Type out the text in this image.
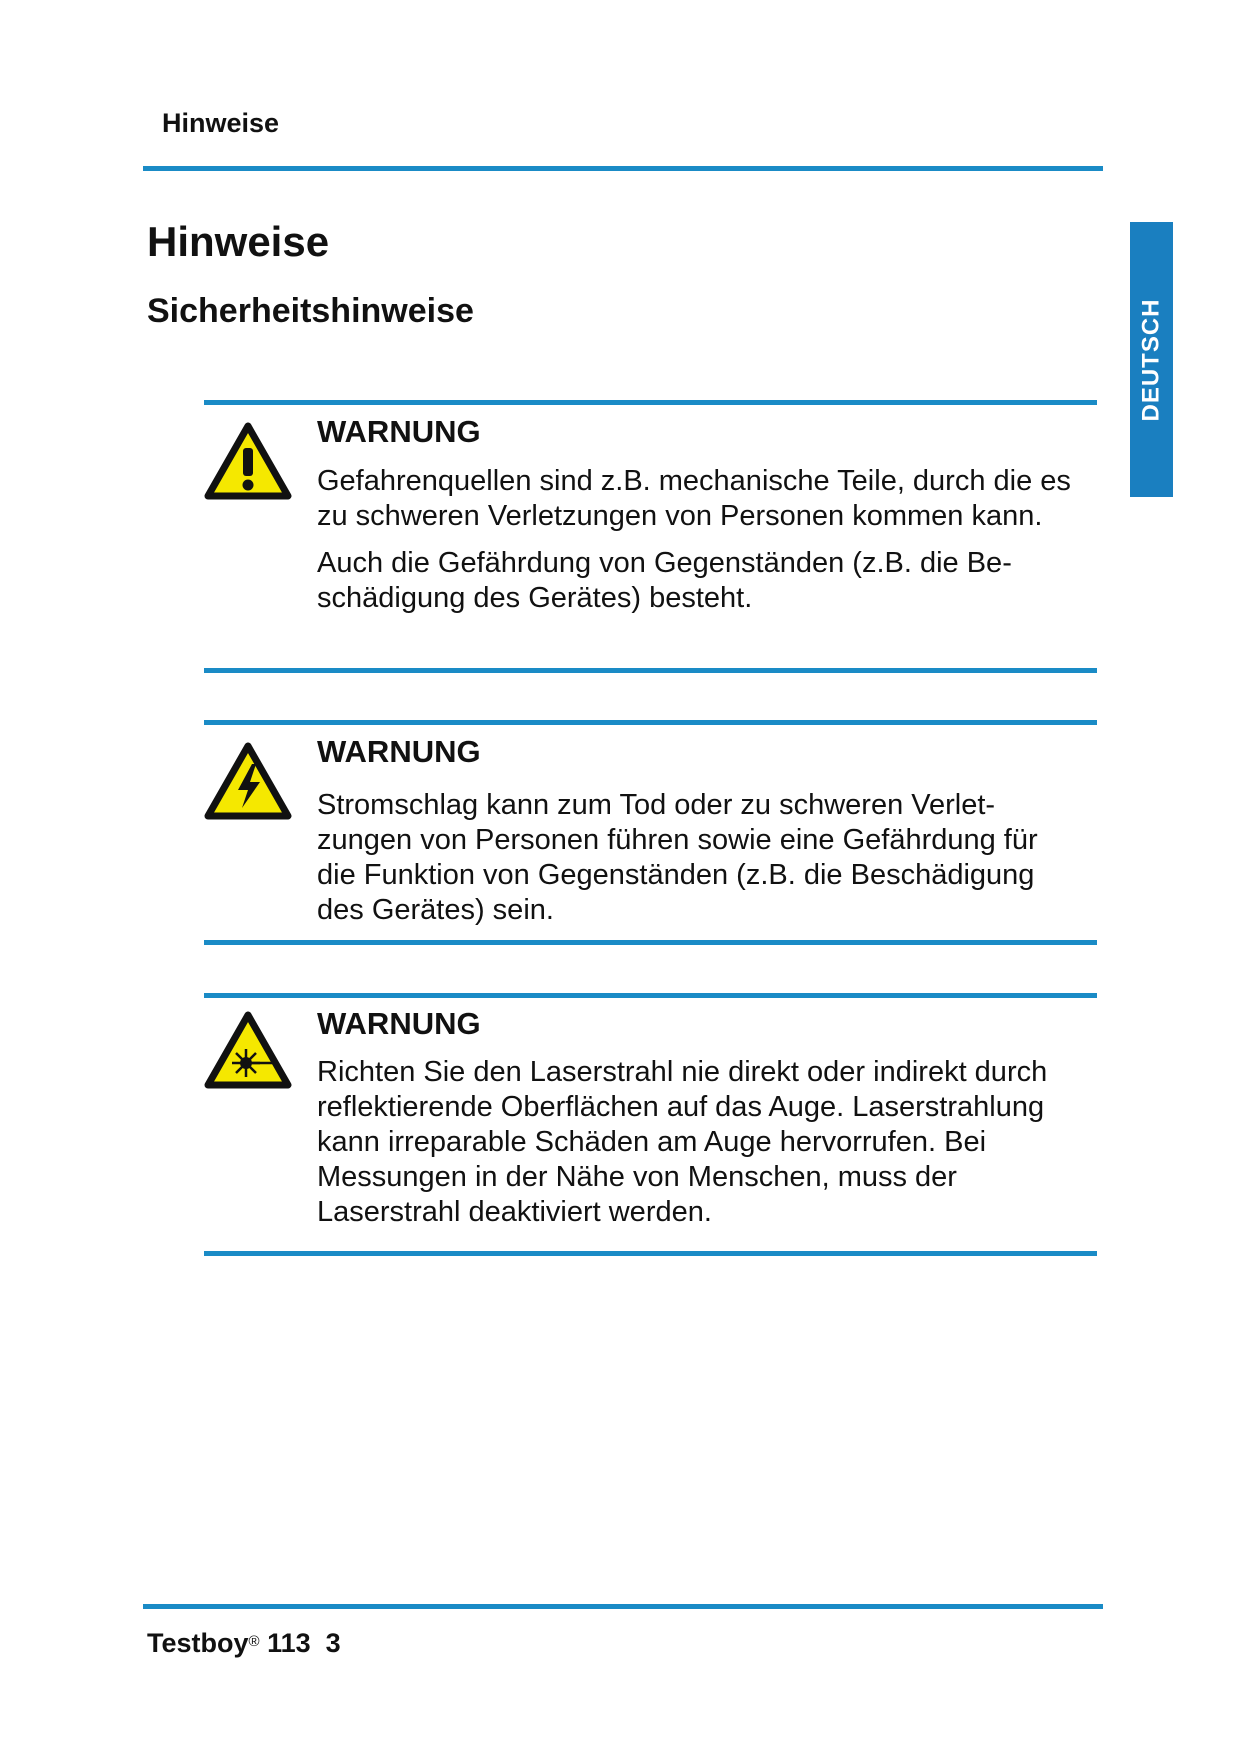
Hinweise
DEUTSCH
Hinweise
Sicherheitshinweise
WARNUNG

Gefahrenquellen sind z.B. mechanische Teile, durch die es zu schweren Verletzungen von Personen kommen kann.

Auch die Gefährdung von Gegenständen (z.B. die Beschädigung des Gerätes) besteht.

WARNUNG

Stromschlag kann zum Tod oder zu schweren Verletzungen von Personen führen sowie eine Gefährdung für die Funktion von Gegenständen (z.B. die Beschädigung des Gerätes) sein.

WARNUNG

Richten Sie den Laserstrahl nie direkt oder indirekt durch reflektierende Oberflächen auf das Auge. Laserstrahlung kann irreparable Schäden am Auge hervorrufen. Bei Messungen in der Nähe von Menschen, muss der Laserstrahl deaktiviert werden.

Testboy® 113 3
